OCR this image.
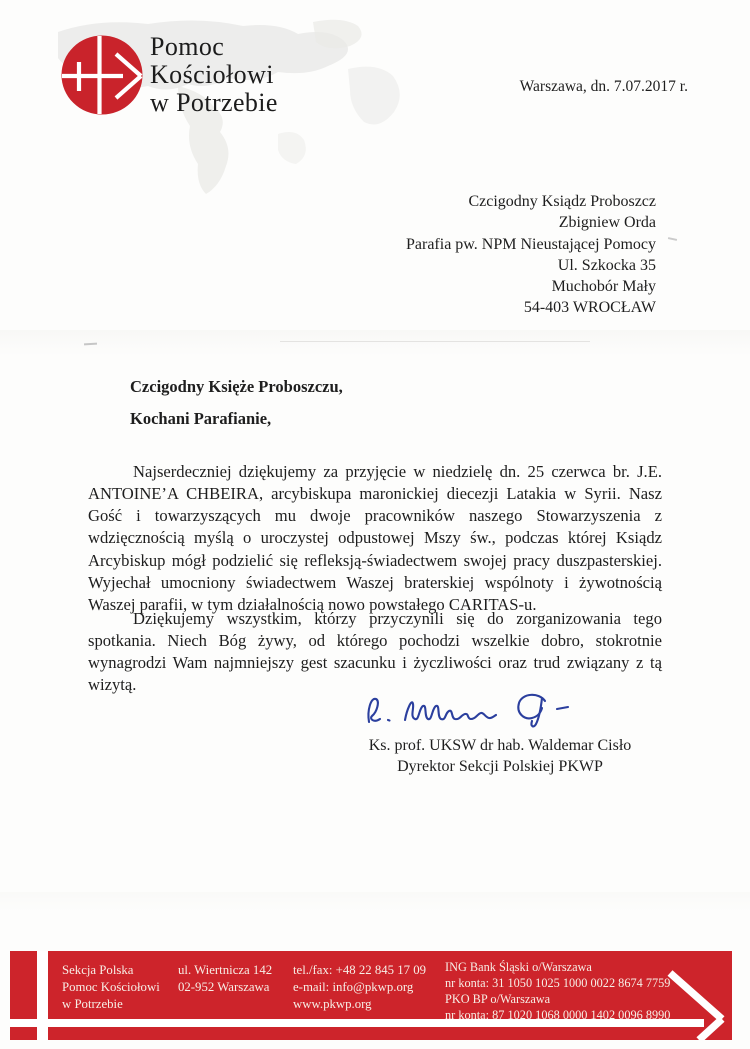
Pomoc
Kościołowi
w Potrzebie
Warszawa, dn. 7.07.2017 r.
Czcigodny Ksiądz Proboszcz
Zbigniew Orda
Parafia pw. NPM Nieustającej Pomocy
Ul. Szkocka 35
Muchobór Mały
54-403 WROCŁAW
Czcigodny Księże Proboszczu,
Kochani Parafianie,

Najserdeczniej dziękujemy za przyjęcie w niedzielę dn. 25 czerwca br. J.E. ANTOINE’A CHBEIRA, arcybiskupa maronickiej diecezji Latakia w Syrii. Nasz Gość i towarzyszących mu dwoje pracowników naszego Stowarzyszenia z wdzięcznością myślą o uroczystej odpustowej Mszy św., podczas której Ksiądz Arcybiskup mógł podzielić się refleksją-świadectwem swojej pracy duszpasterskiej. Wyjechał umocniony świadectwem Waszej braterskiej wspólnoty i żywotnością Waszej parafii, w tym działalnością nowo powstałego CARITAS-u.

Dziękujemy wszystkim, którzy przyczynili się do zorganizowania tego spotkania. Niech Bóg żywy, od którego pochodzi wszelkie dobro, stokrotnie wynagrodzi Wam najmniejszy gest szacunku i życzliwości oraz trud związany z tą wizytą.

Ks. prof. UKSW dr hab. Waldemar Cisło
Dyrektor Sekcji Polskiej PKWP
Sekcja Polska
Pomoc Kościołowi
w Potrzebie
ul. Wiertnicza 142
02-952 Warszawa
tel./fax: +48 22 845 17 09
e-mail: info@pkwp.org
www.pkwp.org
ING Bank Śląski o/Warszawa
nr konta: 31 1050 1025 1000 0022 8674 7759
PKO BP o/Warszawa
nr konta: 87 1020 1068 0000 1402 0096 8990
